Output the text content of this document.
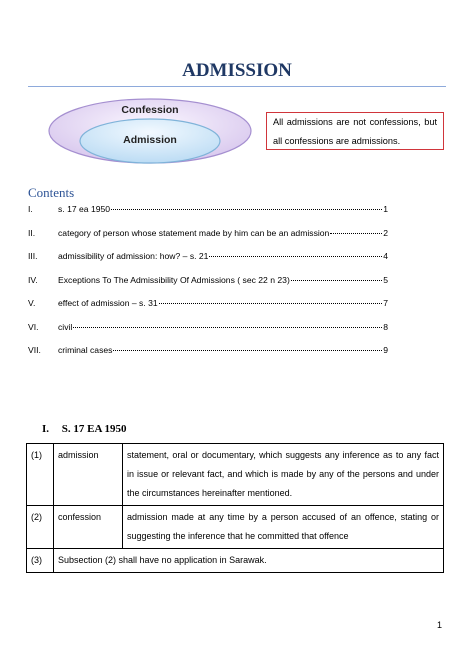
ADMISSION
Confession
Admission
All admissions are not confessions, but
all confessions are admissions.
Contents
I.	s. 17 ea 1950	1
II.	category of person whose statement made by him can be an admission	2
III.	admissibility of admission: how? – s. 21	4
IV.	Exceptions To The Admissibility Of Admissions ( sec 22 n 23)	5
V.	effect of admission – s. 31	7
VI.	civil	8
VII.	criminal cases	9
I. S. 17 EA 1950
(1)	admission	statement, oral or documentary, which suggests any inference as to any fact in issue or relevant fact, and which is made by any of the persons and under the circumstances hereinafter mentioned.
(2)	confession	admission made at any time by a person accused of an offence, stating or suggesting the inference that he committed that offence
(3)	Subsection (2) shall have no application in Sarawak.	
1
